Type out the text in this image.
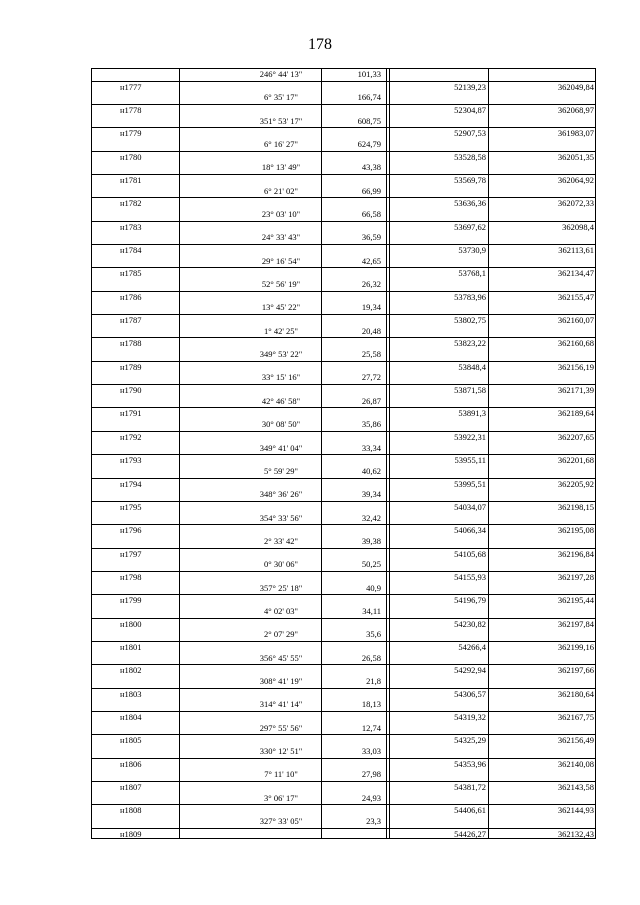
178
246° 44' 13"	101,33
н1777	52139,23	362049,84
6° 35' 17"	166,74
н1778	52304,87	362068,97
351° 53' 17"	608,75
н1779	52907,53	361983,07
6° 16' 27"	624,79
н1780	53528,58	362051,35
18° 13' 49"	43,38
н1781	53569,78	362064,92
6° 21' 02"	66,99
н1782	53636,36	362072,33
23° 03' 10"	66,58
н1783	53697,62	362098,4
24° 33' 43"	36,59
н1784	53730,9	362113,61
29° 16' 54"	42,65
н1785	53768,1	362134,47
52° 56' 19"	26,32
н1786	53783,96	362155,47
13° 45' 22"	19,34
н1787	53802,75	362160,07
1° 42' 25"	20,48
н1788	53823,22	362160,68
349° 53' 22"	25,58
н1789	53848,4	362156,19
33° 15' 16"	27,72
н1790	53871,58	362171,39
42° 46' 58"	26,87
н1791	53891,3	362189,64
30° 08' 50"	35,86
н1792	53922,31	362207,65
349° 41' 04"	33,34
н1793	53955,11	362201,68
5° 59' 29"	40,62
н1794	53995,51	362205,92
348° 36' 26"	39,34
н1795	54034,07	362198,15
354° 33' 56"	32,42
н1796	54066,34	362195,08
2° 33' 42"	39,38
н1797	54105,68	362196,84
0° 30' 06"	50,25
н1798	54155,93	362197,28
357° 25' 18"	40,9
н1799	54196,79	362195,44
4° 02' 03"	34,11
н1800	54230,82	362197,84
2° 07' 29"	35,6
н1801	54266,4	362199,16
356° 45' 55"	26,58
н1802	54292,94	362197,66
308° 41' 19"	21,8
н1803	54306,57	362180,64
314° 41' 14"	18,13
н1804	54319,32	362167,75
297° 55' 56"	12,74
н1805	54325,29	362156,49
330° 12' 51"	33,03
н1806	54353,96	362140,08
7° 11' 10"	27,98
н1807	54381,72	362143,58
3° 06' 17"	24,93
н1808	54406,61	362144,93
327° 33' 05"	23,3
н1809	54426,27	362132,43
